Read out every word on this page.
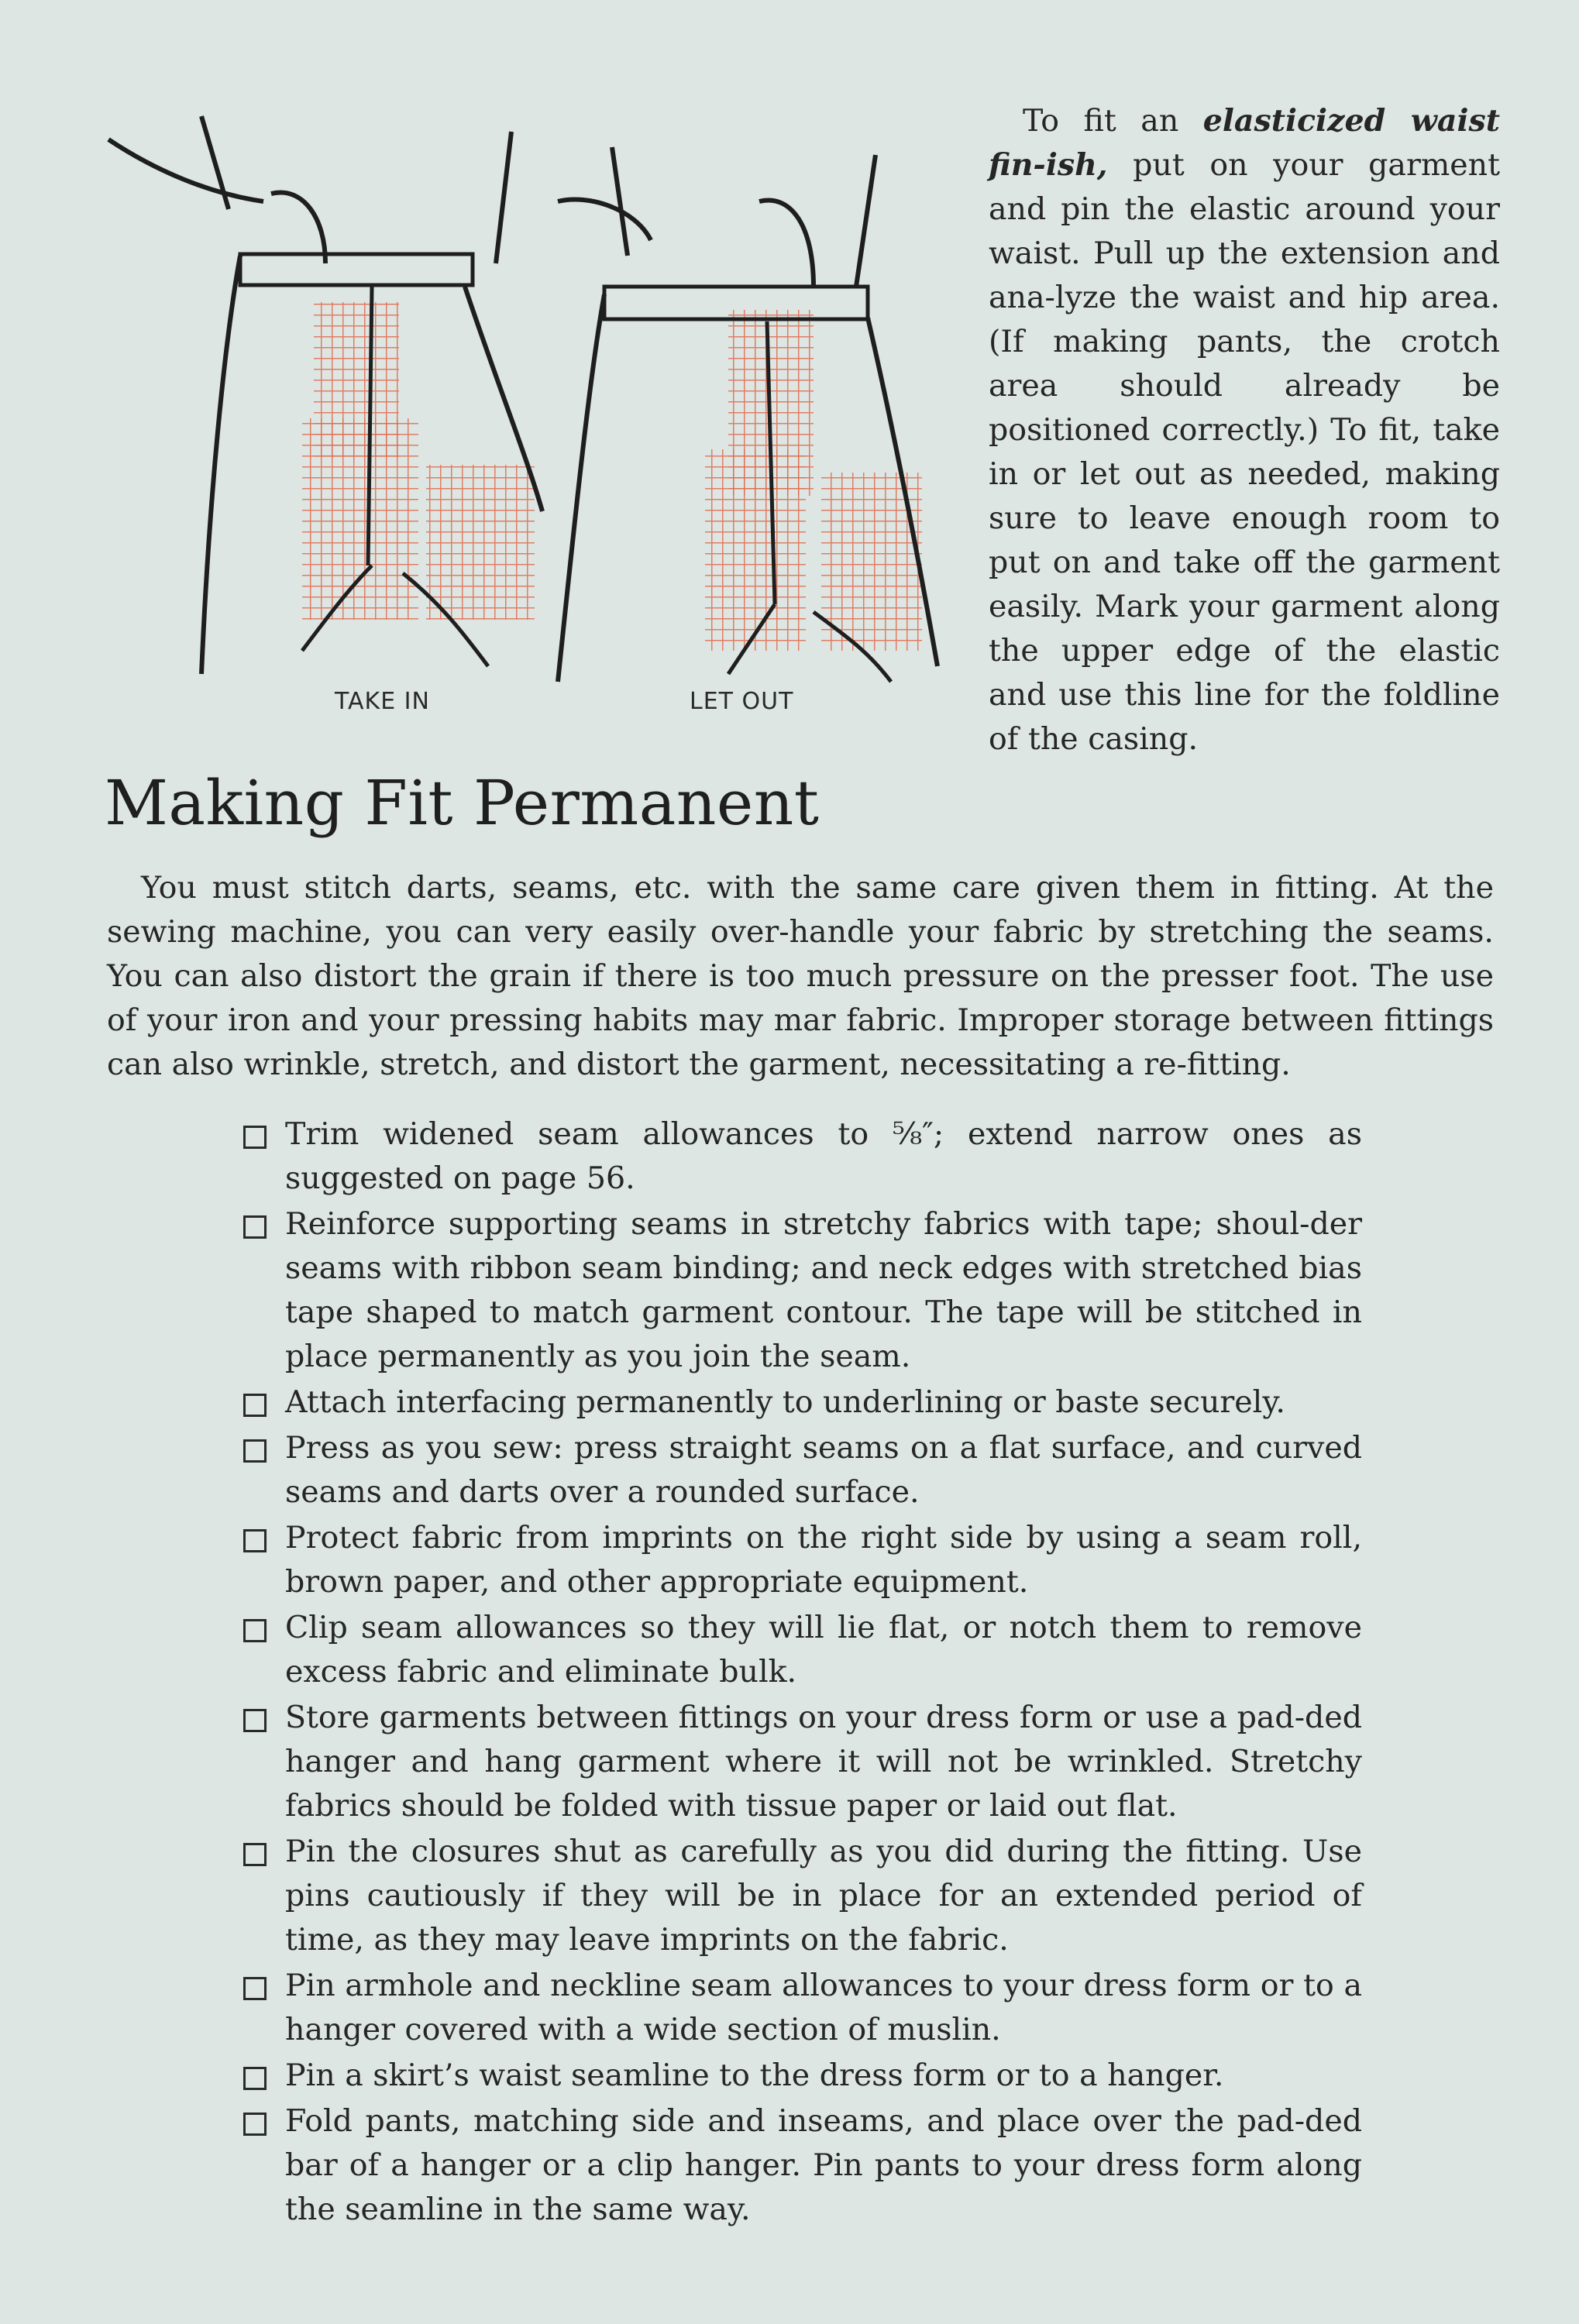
TAKE IN	LET OUT

To fit an elasticized waist fin-ish, put on your garment and pin the elastic around your waist. Pull up the extension and ana-lyze the waist and hip area. (If making pants, the crotch area should already be positioned correctly.) To fit, take in or let out as needed, making sure to leave enough room to put on and take off the garment easily. Mark your garment along the upper edge of the elastic and use this line for the foldline of the casing.

Making Fit Permanent

You must stitch darts, seams, etc. with the same care given them in fitting. At the sewing machine, you can very easily over-handle your fabric by stretching the seams. You can also distort the grain if there is too much pressure on the presser foot. The use of your iron and your pressing habits may mar fabric. Improper storage between fittings can also wrinkle, stretch, and distort the garment, necessitating a re-fitting.

Trim widened seam allowances to ⅝″; extend narrow ones as suggested on page 56.
Reinforce supporting seams in stretchy fabrics with tape; shoul-der seams with ribbon seam binding; and neck edges with stretched bias tape shaped to match garment contour. The tape will be stitched in place permanently as you join the seam.
Attach interfacing permanently to underlining or baste securely.
Press as you sew: press straight seams on a flat surface, and curved seams and darts over a rounded surface.
Protect fabric from imprints on the right side by using a seam roll, brown paper, and other appropriate equipment.
Clip seam allowances so they will lie flat, or notch them to remove excess fabric and eliminate bulk.
Store garments between fittings on your dress form or use a pad-ded hanger and hang garment where it will not be wrinkled. Stretchy fabrics should be folded with tissue paper or laid out flat.
Pin the closures shut as carefully as you did during the fitting. Use pins cautiously if they will be in place for an extended period of time, as they may leave imprints on the fabric.
Pin armhole and neckline seam allowances to your dress form or to a hanger covered with a wide section of muslin.
Pin a skirt’s waist seamline to the dress form or to a hanger.
Fold pants, matching side and inseams, and place over the pad-ded bar of a hanger or a clip hanger. Pin pants to your dress form along the seamline in the same way.
